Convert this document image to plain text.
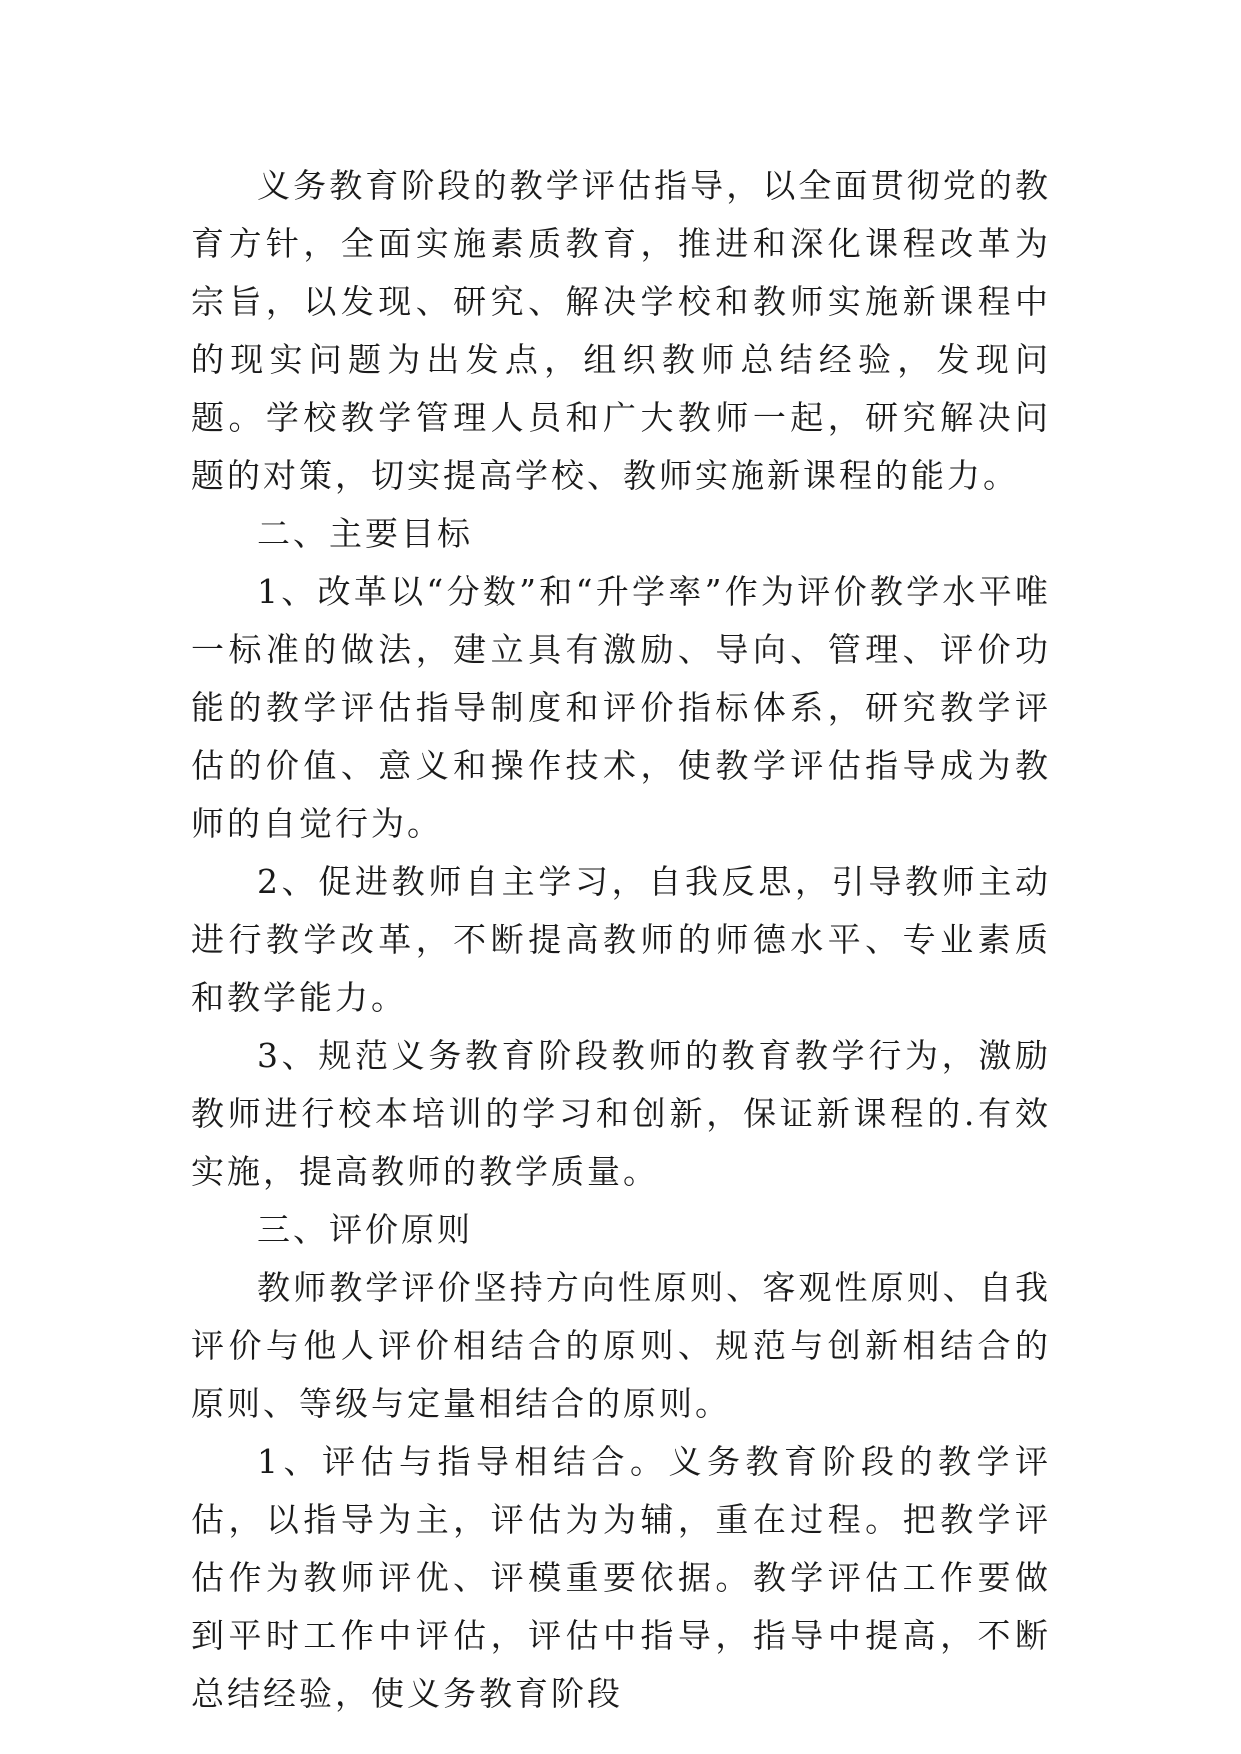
义务教育阶段的教学评估指导，以全面贯彻党的教育方针，全面实施素质教育，推进和深化课程改革为宗旨，以发现、研究、解决学校和教师实施新课程中的现实问题为出发点，组织教师总结经验，发现问题。学校教学管理人员和广大教师一起，研究解决问题的对策，切实提高学校、教师实施新课程的能力。

二、主要目标

1、改革以“分数”和“升学率”作为评价教学水平唯一标准的做法，建立具有激励、导向、管理、评价功能的教学评估指导制度和评价指标体系，研究教学评估的价值、意义和操作技术，使教学评估指导成为教师的自觉行为。

2、促进教师自主学习，自我反思，引导教师主动进行教学改革，不断提高教师的师德水平、专业素质和教学能力。

3、规范义务教育阶段教师的教育教学行为，激励教师进行校本培训的学习和创新，保证新课程的.有效实施，提高教师的教学质量。

三、评价原则

教师教学评价坚持方向性原则、客观性原则、自我评价与他人评价相结合的原则、规范与创新相结合的原则、等级与定量相结合的原则。

1、评估与指导相结合。义务教育阶段的教学评估，以指导为主，评估为为辅，重在过程。把教学评估作为教师评优、评模重要依据。教学评估工作要做到平时工作中评估，评估中指导，指导中提高，不断总结经验，使义务教育阶段
